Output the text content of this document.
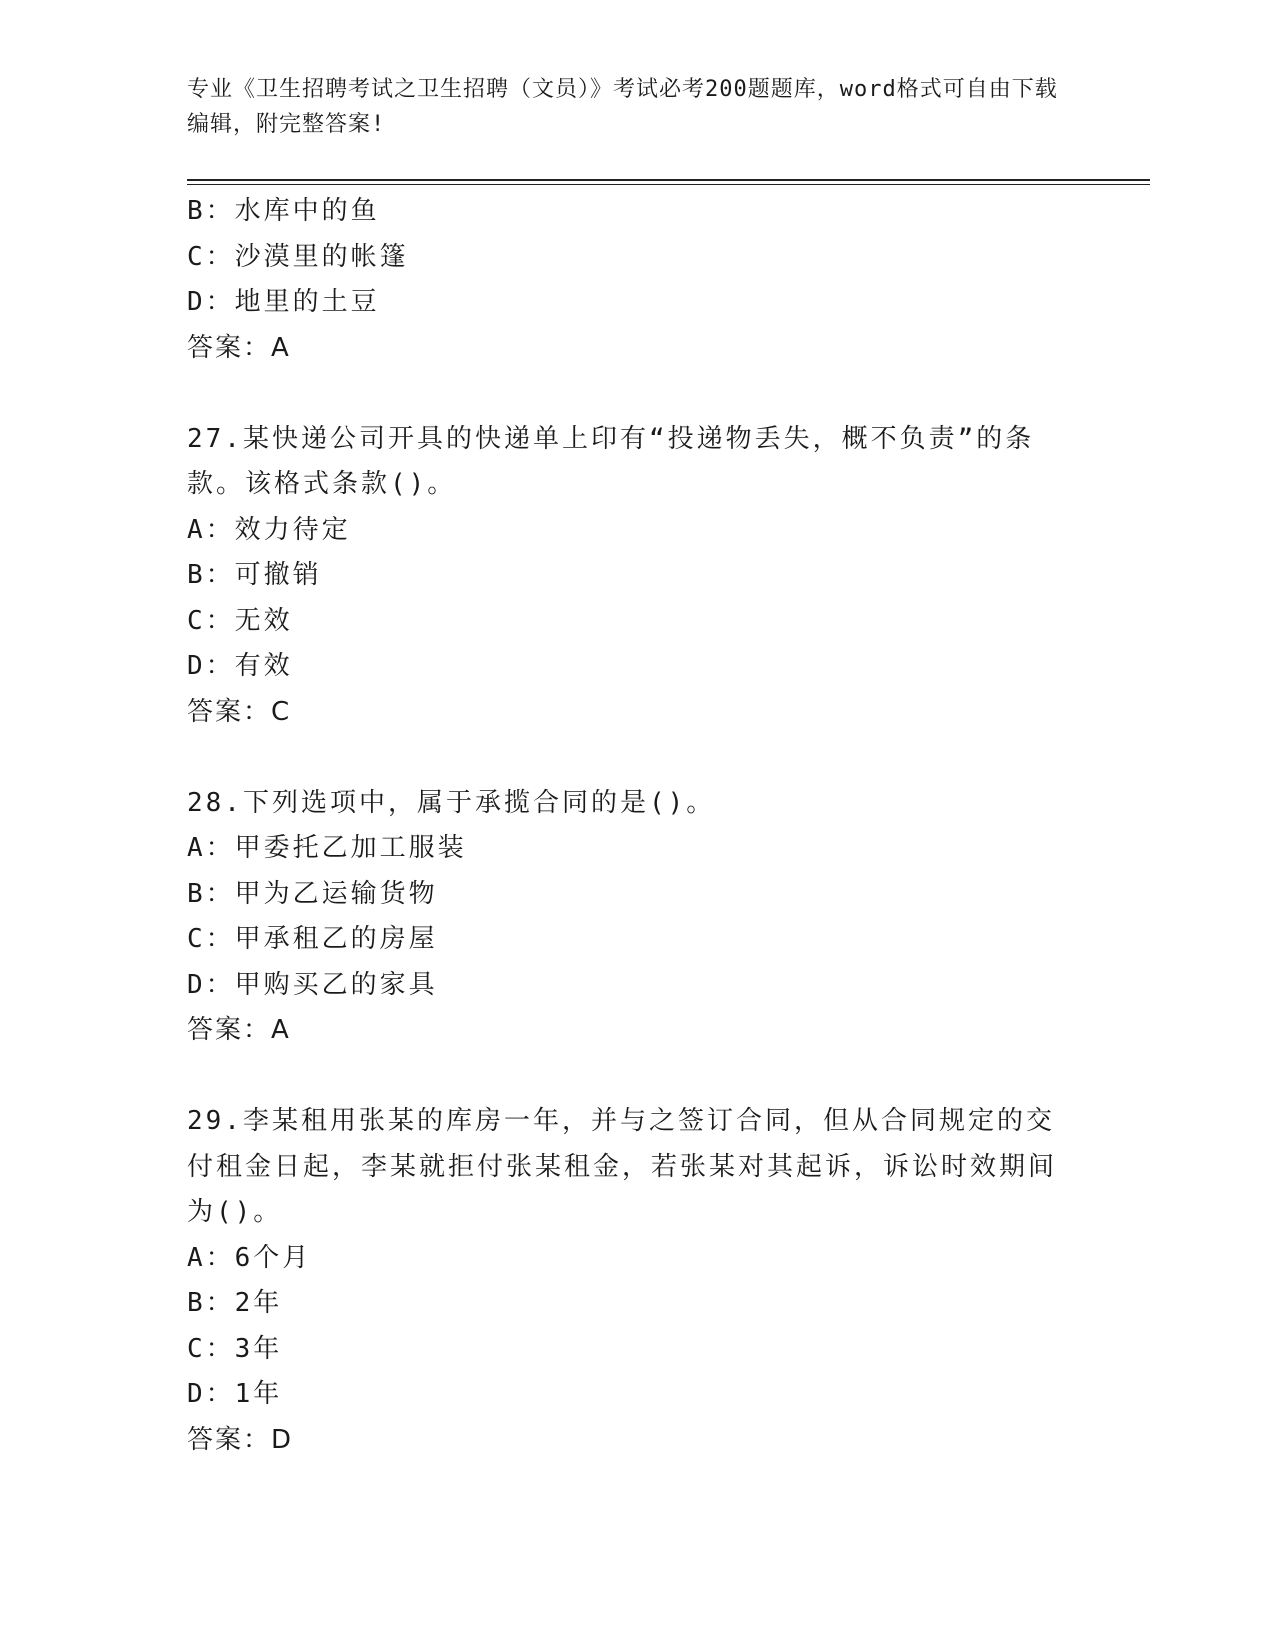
专业《卫生招聘考试之卫生招聘（文员）》考试必考200题题库，word格式可自由下载编辑，附完整答案!
B：水库中的鱼
C：沙漠里的帐篷
D：地里的土豆
答案：A
27.某快递公司开具的快递单上印有“投递物丢失，概不负责”的条款。该格式条款()。
A：效力待定
B：可撤销
C：无效
D：有效
答案：C
28.下列选项中，属于承揽合同的是()。
A：甲委托乙加工服装
B：甲为乙运输货物
C：甲承租乙的房屋
D：甲购买乙的家具
答案：A
29.李某租用张某的库房一年，并与之签订合同，但从合同规定的交付租金日起，李某就拒付张某租金，若张某对其起诉，诉讼时效期间为()。
A：6个月
B：2年
C：3年
D：1年
答案：D
